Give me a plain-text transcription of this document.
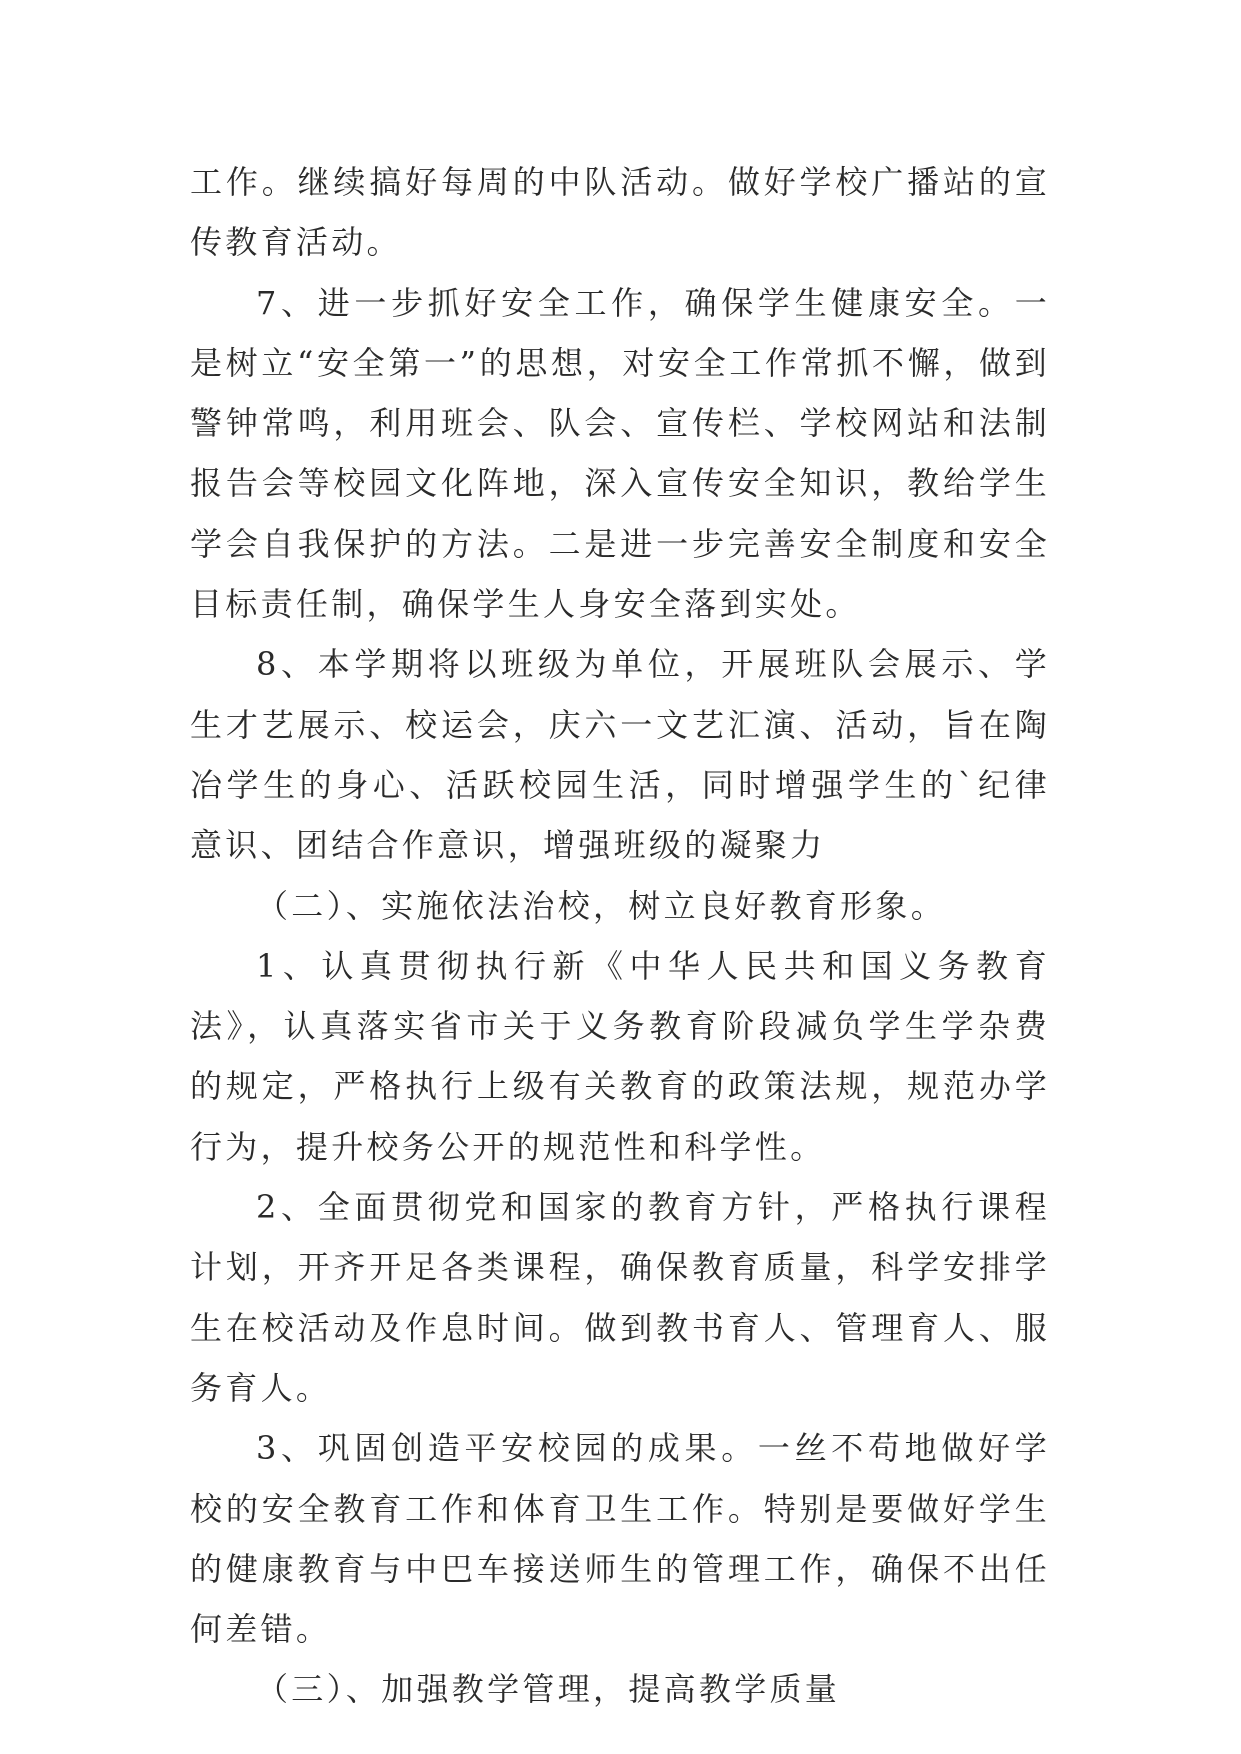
工作。继续搞好每周的中队活动。做好学校广播站的宣传教育活动。

7、进一步抓好安全工作，确保学生健康安全。一是树立“安全第一”的思想，对安全工作常抓不懈，做到警钟常鸣，利用班会、队会、宣传栏、学校网站和法制报告会等校园文化阵地，深入宣传安全知识，教给学生学会自我保护的方法。二是进一步完善安全制度和安全目标责任制，确保学生人身安全落到实处。

8、本学期将以班级为单位，开展班队会展示、学生才艺展示、校运会，庆六一文艺汇演、活动，旨在陶冶学生的身心、活跃校园生活，同时增强学生的`纪律意识、团结合作意识，增强班级的凝聚力

（二）、实施依法治校，树立良好教育形象。

1、认真贯彻执行新《中华人民共和国义务教育法》，认真落实省市关于义务教育阶段减负学生学杂费的规定，严格执行上级有关教育的政策法规，规范办学行为，提升校务公开的规范性和科学性。

2、全面贯彻党和国家的教育方针，严格执行课程计划，开齐开足各类课程，确保教育质量，科学安排学生在校活动及作息时间。做到教书育人、管理育人、服务育人。

3、巩固创造平安校园的成果。一丝不苟地做好学校的安全教育工作和体育卫生工作。特别是要做好学生的健康教育与中巴车接送师生的管理工作，确保不出任何差错。

（三）、加强教学管理，提高教学质量
